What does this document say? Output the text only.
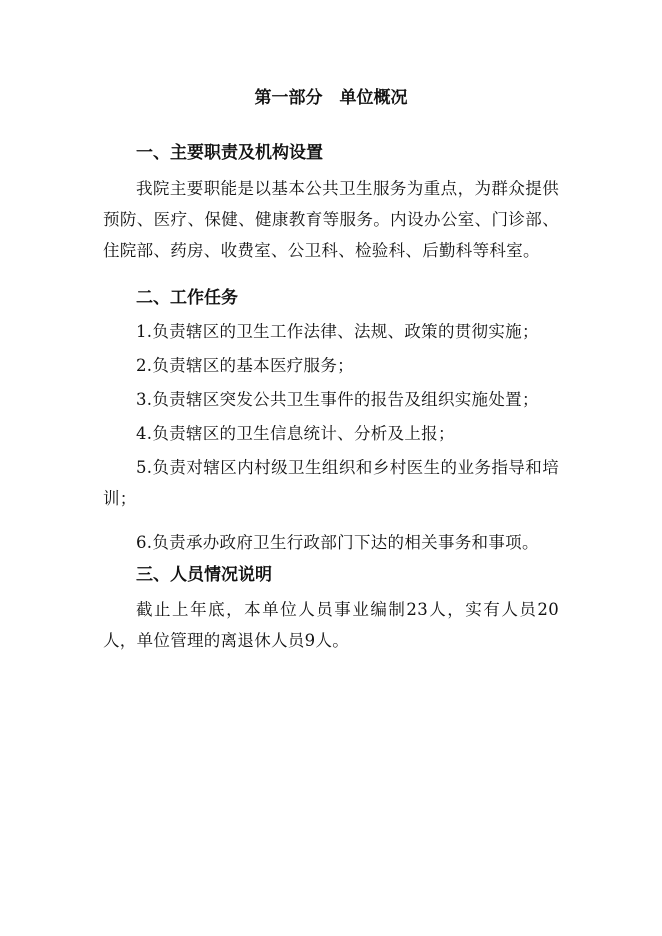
第一部分　单位概况
一、主要职责及机构设置
我院主要职能是以基本公共卫生服务为重点，为群众提供预防、医疗、保健、健康教育等服务。内设办公室、门诊部、住院部、药房、收费室、公卫科、检验科、后勤科等科室。
二、工作任务
1.负责辖区的卫生工作法律、法规、政策的贯彻实施；
2.负责辖区的基本医疗服务；
3.负责辖区突发公共卫生事件的报告及组织实施处置；
4.负责辖区的卫生信息统计、分析及上报；
5.负责对辖区内村级卫生组织和乡村医生的业务指导和培训；
6.负责承办政府卫生行政部门下达的相关事务和事项。
三、人员情况说明
截止上年底，本单位人员事业编制23人，实有人员20人，单位管理的离退休人员9人。
